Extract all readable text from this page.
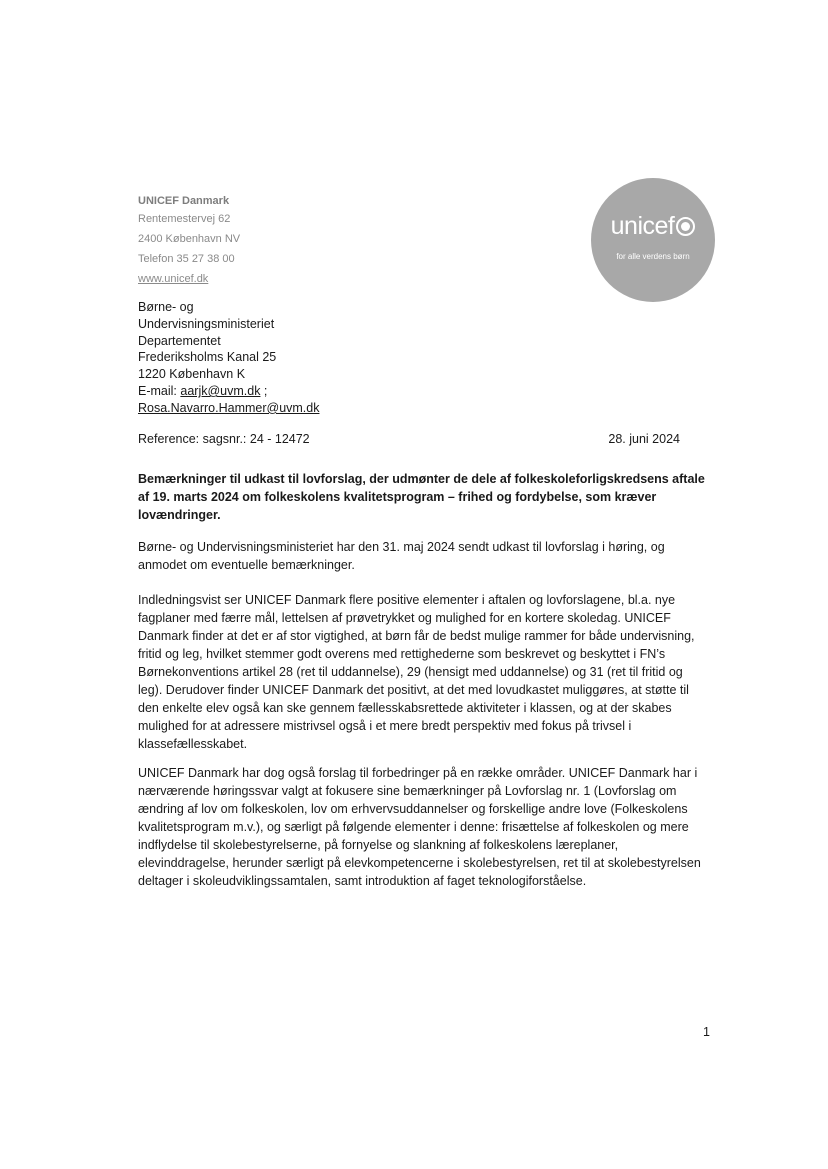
UNICEF Danmark
Rentemestervej 62
2400 København NV
Telefon 35 27 38 00
www.unicef.dk
unicef
for alle verdens børn
Børne- og
Undervisningsministeriet
Departementet
Frederiksholms Kanal 25
1220 København K
E-mail: aarjk@uvm.dk ;
Rosa.Navarro.Hammer@uvm.dk
Reference: sagsnr.: 24 - 12472	28. juni 2024
Bemærkninger til udkast til lovforslag, der udmønter de dele af folkeskoleforligskredsens aftale af 19. marts 2024 om folkeskolens kvalitetsprogram – frihed og fordybelse, som kræver lovændringer.

Børne- og Undervisningsministeriet har den 31. maj 2024 sendt udkast til lovforslag i høring, og anmodet om eventuelle bemærkninger.

Indledningsvist ser UNICEF Danmark flere positive elementer i aftalen og lovforslagene, bl.a. nye fagplaner med færre mål, lettelsen af prøvetrykket og mulighed for en kortere skoledag. UNICEF Danmark finder at det er af stor vigtighed, at børn får de bedst mulige rammer for både undervisning, fritid og leg, hvilket stemmer godt overens med rettighederne som beskrevet og beskyttet i FN’s Børnekonventions artikel 28 (ret til uddannelse), 29 (hensigt med uddannelse) og 31 (ret til fritid og leg). Derudover finder UNICEF Danmark det positivt, at det med lovudkastet muliggøres, at støtte til den enkelte elev også kan ske gennem fællesskabsrettede aktiviteter i klassen, og at der skabes mulighed for at adressere mistrivsel også i et mere bredt perspektiv med fokus på trivsel i klassefællesskabet.

UNICEF Danmark har dog også forslag til forbedringer på en række områder. UNICEF Danmark har i nærværende høringssvar valgt at fokusere sine bemærkninger på Lovforslag nr. 1 (Lovforslag om ændring af lov om folkeskolen, lov om erhvervsuddannelser og forskellige andre love (Folkeskolens kvalitetsprogram m.v.), og særligt på følgende elementer i denne: frisættelse af folkeskolen og mere indflydelse til skolebestyrelserne, på fornyelse og slankning af folkeskolens læreplaner, elevinddragelse, herunder særligt på elevkompetencerne i skolebestyrelsen, ret til at skolebestyrelsen deltager i skoleudviklingssamtalen, samt introduktion af faget teknologiforståelse.

1
